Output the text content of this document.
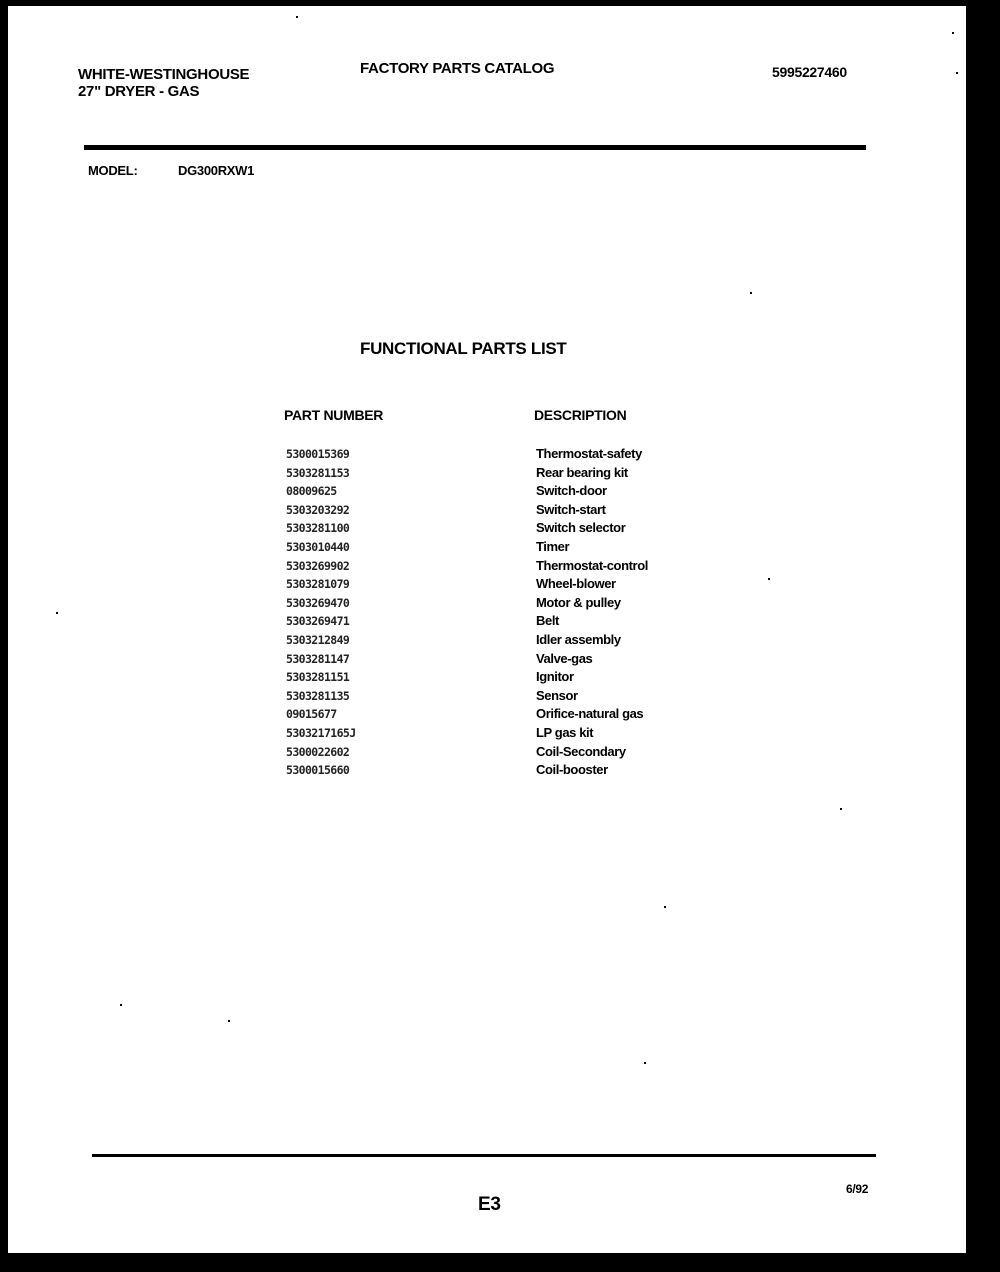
WHITE-WESTINGHOUSE
27" DRYER - GAS
FACTORY PARTS CATALOG	5995227460
MODEL:	DG300RXW1
FUNCTIONAL PARTS LIST
PART NUMBER	DESCRIPTION
5300015369	Thermostat-safety
5303281153	Rear bearing kit
08009625	Switch-door
5303203292	Switch-start
5303281100	Switch selector
5303010440	Timer
5303269902	Thermostat-control
5303281079	Wheel-blower
5303269470	Motor & pulley
5303269471	Belt
5303212849	Idler assembly
5303281147	Valve-gas
5303281151	Ignitor
5303281135	Sensor
09015677	Orifice-natural gas
5303217165J	LP gas kit
5300022602	Coil-Secondary
5300015660	Coil-booster
E3
6/92
